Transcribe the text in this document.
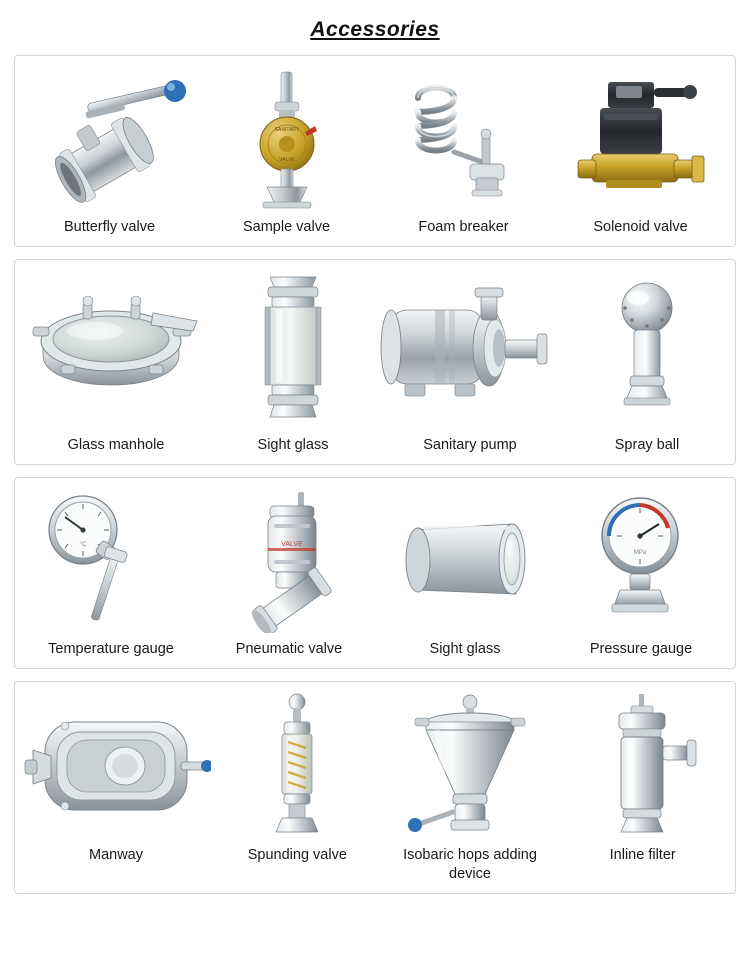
Accessories
Butterfly valve
SANITARY
VALVE
Sample valve	Foam breaker	Solenoid valve
Glass manhole	Sight glass	Sanitary pump	Spray ball
°C
Temperature gauge
VALVE
Pneumatic valve	Sight glass
MPa
Pressure gauge
Manway	Spunding valve	Isobaric hops adding device
Inline filter
